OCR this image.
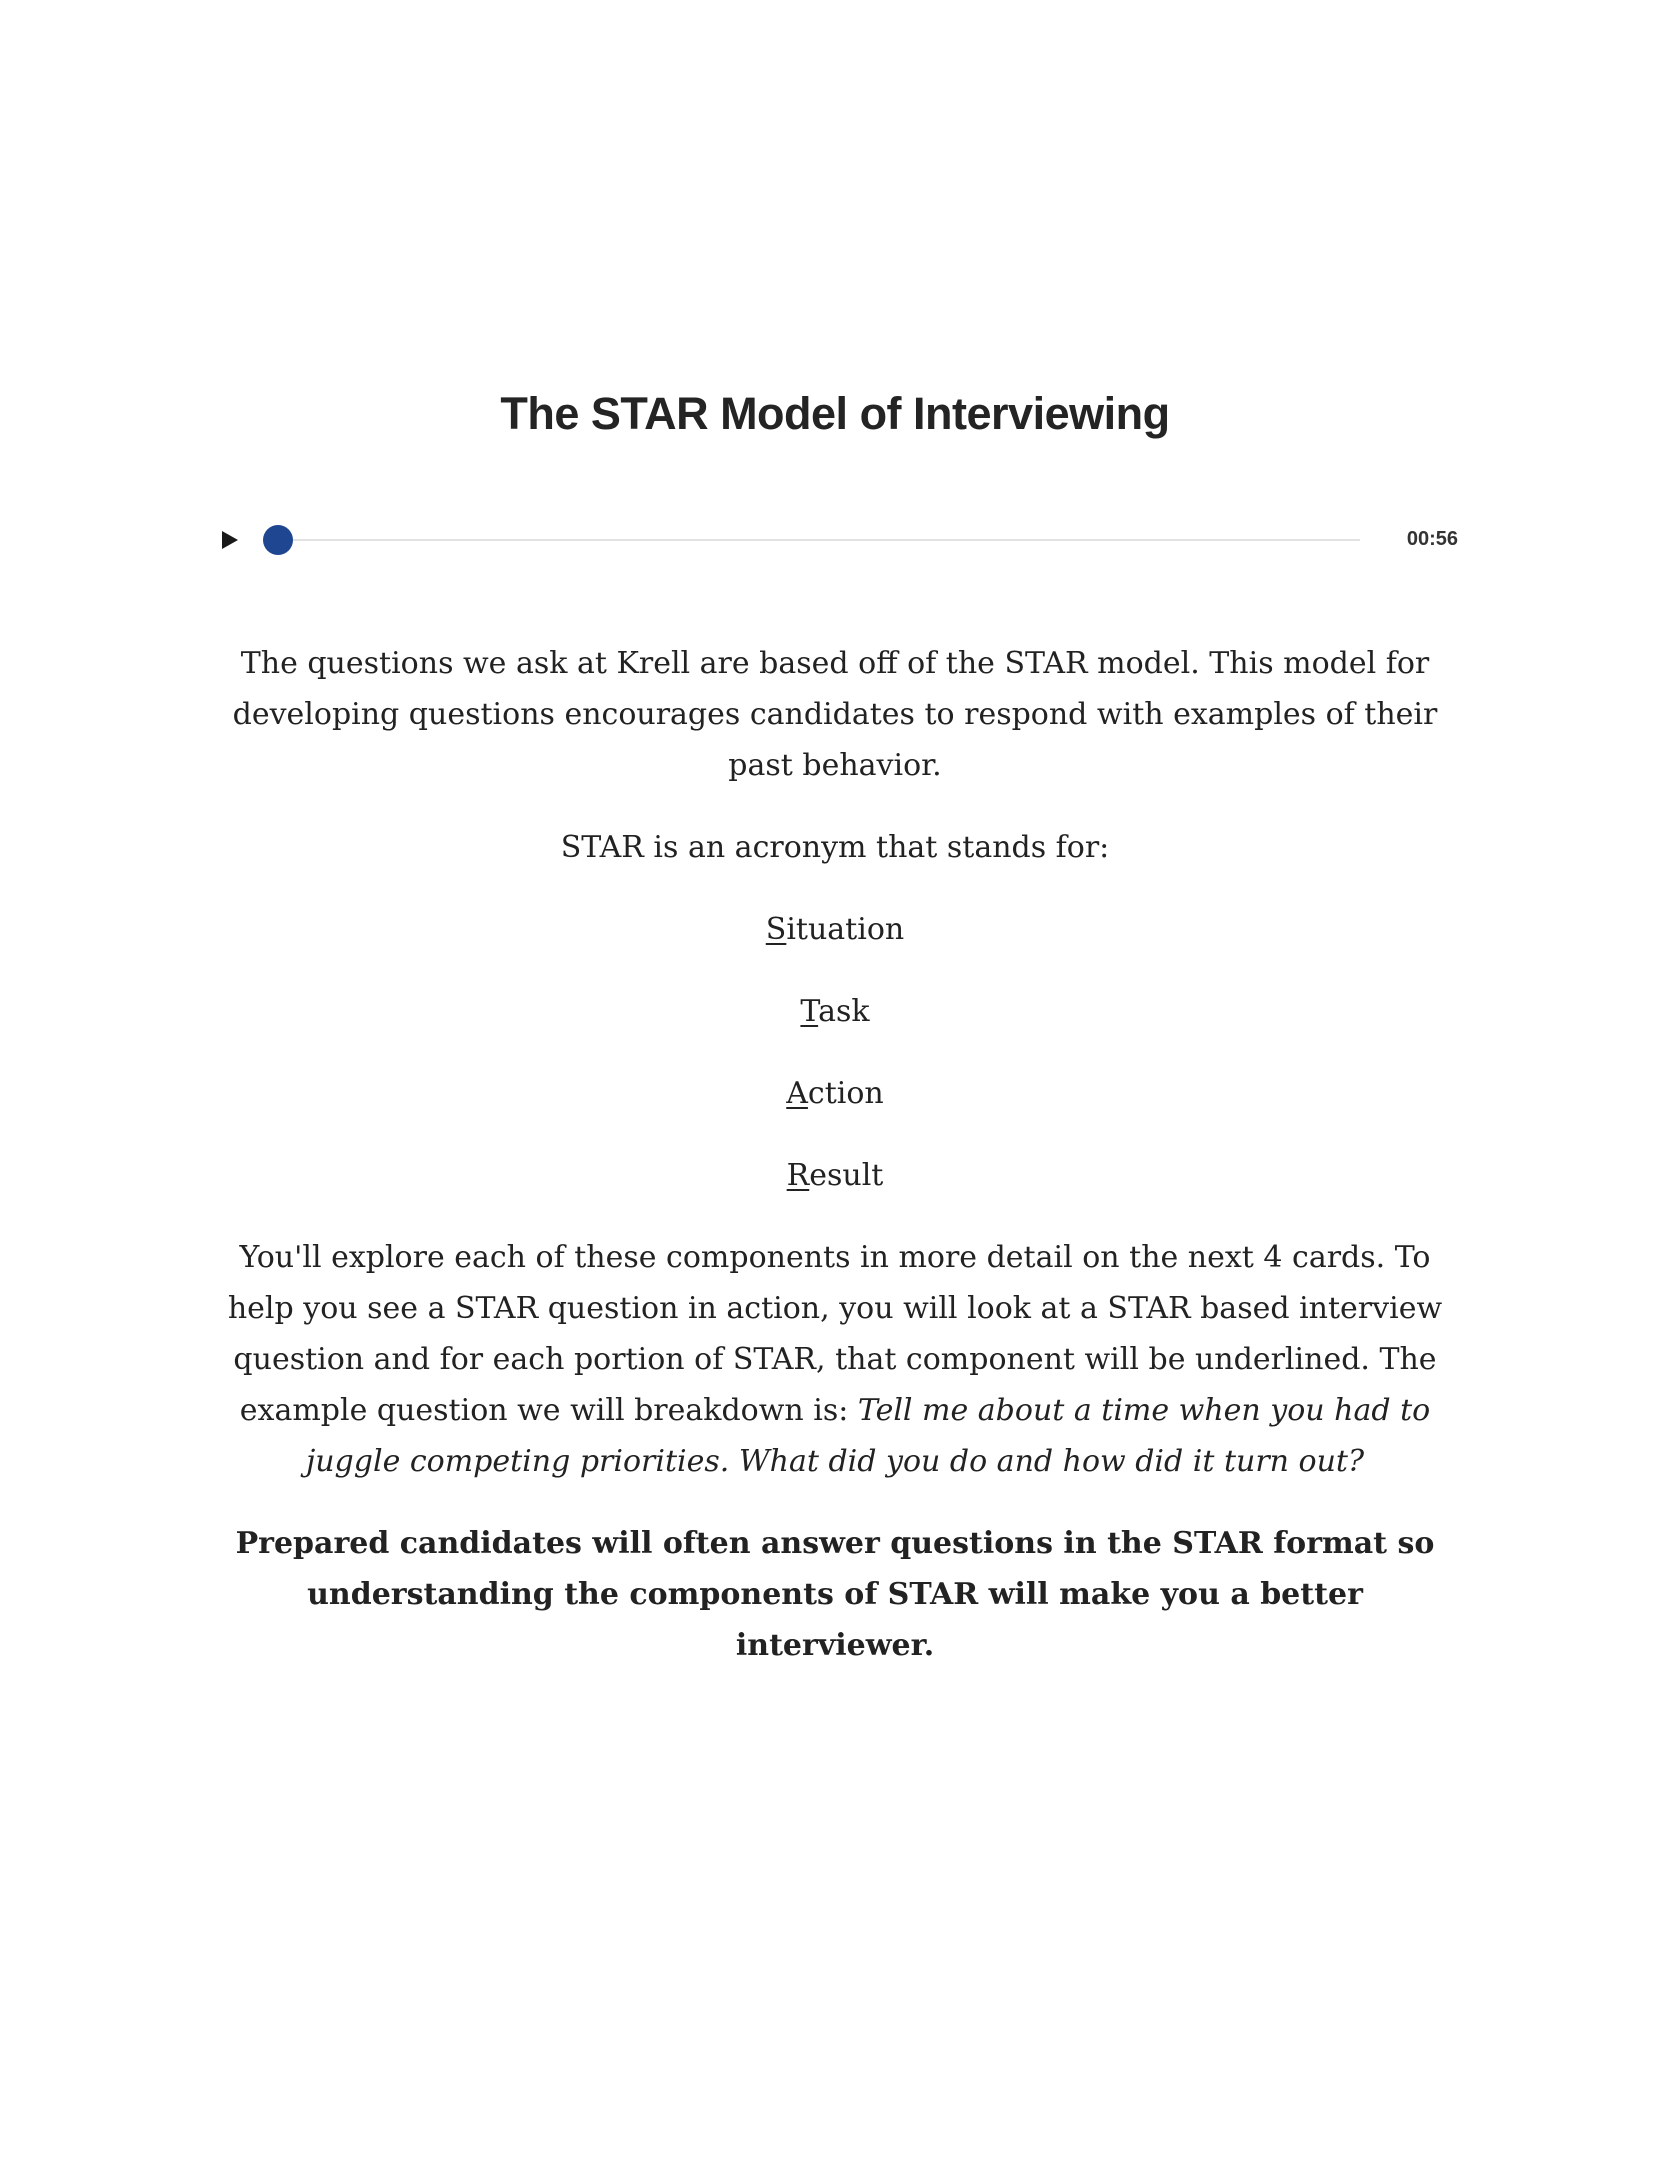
The STAR Model of Interviewing
00:56

The questions we ask at Krell are based off of the STAR model. This model for developing questions encourages candidates to respond with examples of their past behavior.

STAR is an acronym that stands for:

Situation

Task

Action

Result

You'll explore each of these components in more detail on the next 4 cards. To help you see a STAR question in action, you will look at a STAR based interview question and for each portion of STAR, that component will be underlined. The example question we will breakdown is: Tell me about a time when you had to juggle competing priorities. What did you do and how did it turn out?

Prepared candidates will often answer questions in the STAR format so understanding the components of STAR will make you a better interviewer.
